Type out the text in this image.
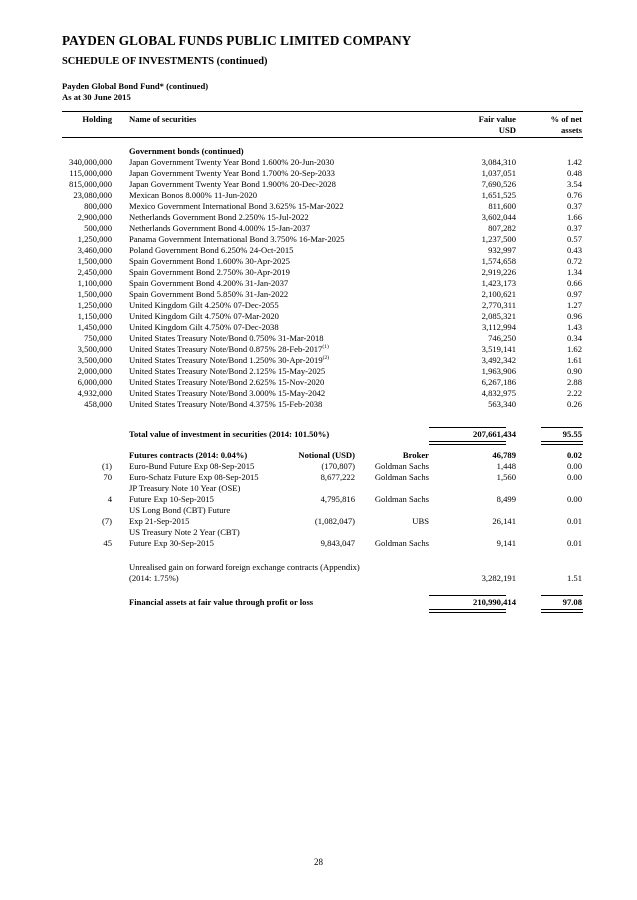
PAYDEN GLOBAL FUNDS PUBLIC LIMITED COMPANY
SCHEDULE OF INVESTMENTS (continued)
Payden Global Bond Fund* (continued)
As at 30 June 2015
Holding Name of securities	Fair value
USD
% of net
assets
Government bonds (continued)
340,000,000 Japan Government Twenty Year Bond 1.600% 20-Jun-2030	3,084,310	1.42
115,000,000 Japan Government Twenty Year Bond 1.700% 20-Sep-2033	1,037,051	0.48
815,000,000 Japan Government Twenty Year Bond 1.900% 20-Dec-2028	7,690,526	3.54
23,080,000 Mexican Bonos 8.000% 11-Jun-2020	1,651,525	0.76
800,000 Mexico Government International Bond 3.625% 15-Mar-2022	811,600	0.37
2,900,000 Netherlands Government Bond 2.250% 15-Jul-2022	3,602,044	1.66
500,000 Netherlands Government Bond 4.000% 15-Jan-2037	807,282	0.37
1,250,000 Panama Government International Bond 3.750% 16-Mar-2025	1,237,500	0.57
3,460,000 Poland Government Bond 6.250% 24-Oct-2015	932,997	0.43
1,500,000 Spain Government Bond 1.600% 30-Apr-2025	1,574,658	0.72
2,450,000 Spain Government Bond 2.750% 30-Apr-2019	2,919,226	1.34
1,100,000 Spain Government Bond 4.200% 31-Jan-2037	1,423,173	0.66
1,500,000 Spain Government Bond 5.850% 31-Jan-2022	2,100,621	0.97
1,250,000 United Kingdom Gilt 4.250% 07-Dec-2055	2,770,311	1.27
1,150,000 United Kingdom Gilt 4.750% 07-Mar-2020	2,085,321	0.96
1,450,000 United Kingdom Gilt 4.750% 07-Dec-2038	3,112,994	1.43
750,000 United States Treasury Note/Bond 0.750% 31-Mar-2018	746,250	0.34
3,500,000 United States Treasury Note/Bond 0.875% 28-Feb-2017$^{(1)}$	3,519,141	1.62
3,500,000 United States Treasury Note/Bond 1.250% 30-Apr-2019$^{(2)}$	3,492,342	1.61
2,000,000 United States Treasury Note/Bond 2.125% 15-May-2025	1,963,906	0.90
6,000,000 United States Treasury Note/Bond 2.625% 15-Nov-2020	6,267,186	2.88
4,932,000 United States Treasury Note/Bond 3.000% 15-May-2042	4,832,975	2.22
458,000 United States Treasury Note/Bond 4.375% 15-Feb-2038	563,340	0.26
Total value of investment in securities (2014: 101.50%)	207,661,434	95.55
Futures contracts (2014: 0.04%)	Notional (USD)	Broker	46,789	0.02
(1) Euro-Bund Future Exp 08-Sep-2015	(170,807) Goldman Sachs	1,448	0.00
70 Euro-Schatz Future Exp 08-Sep-2015	8,677,222 Goldman Sachs	1,560	0.00
JP Treasury Note 10 Year (OSE)
4 Future Exp 10-Sep-2015	4,795,816 Goldman Sachs	8,499	0.00
US Long Bond (CBT) Future
(7) Exp 21-Sep-2015	(1,082,047)	UBS	26,141	0.01
US Treasury Note 2 Year (CBT)
45 Future Exp 30-Sep-2015	9,843,047 Goldman Sachs	9,141	0.01
Unrealised gain on forward foreign exchange contracts (Appendix)
(2014: 1.75%)	3,282,191	1.51
Financial assets at fair value through profit or loss	210,990,414	97.08
28
